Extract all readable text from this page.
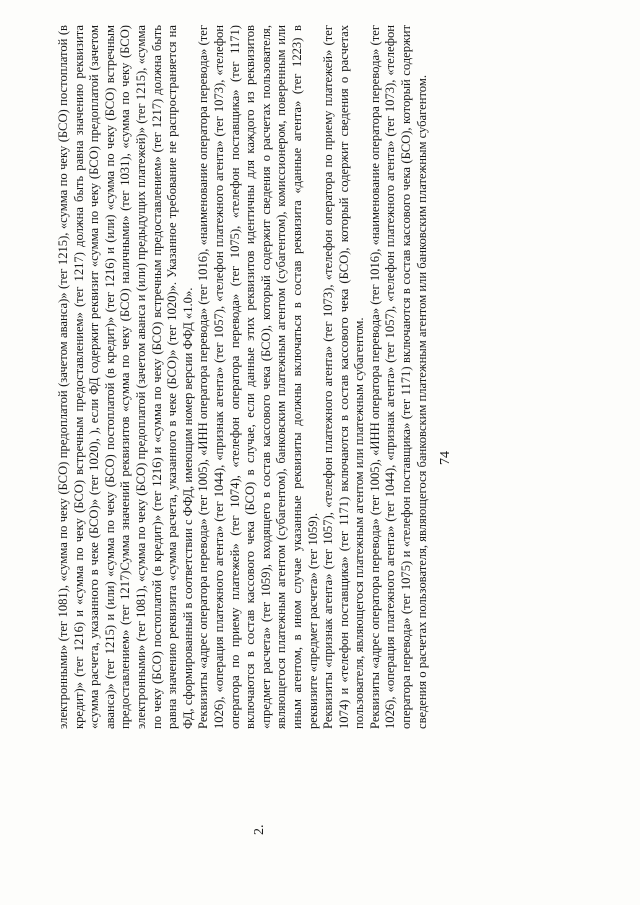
74
2.

электронными» (тег 1081), «сумма по чеку (БСО) предоплатой (зачетом аванса)» (тег 1215), «сумма по чеку (БСО) постоплатой (в кредит)» (тег 1216) и «сумма по чеку (БСО) встречным предоставлением» (тег 1217) должна быть равна значению реквизита «сумма расчета, указанного в чеке (БСО)» (тег 1020), ), если ФД содержит реквизит «сумма по чеку (БСО) предоплатой (зачетом аванса)» (тег 1215) и (или) «сумма по чеку (БСО) постоплатой (в кредит)» (тег 1216) и (или) «сумма по чеку (БСО) встречным предоставлением» (тег 1217)Сумма значений реквизитов «сумма по чеку (БСО) наличными» (тег 1031), «сумма по чеку (БСО) электронными» (тег 1081), «сумма по чеку (БСО) предоплатой (зачетом аванса и (или) предыдущих платежей)» (тег 1215), «сумма по чеку (БСО) постоплатой (в кредит)» (тег 1216) и «сумма по чеку (БСО) встречным предоставлением» (тег 1217) должна быть равна значению реквизита «сумма расчета, указанного в чеке (БСО)» (тег 1020)». Указанное требование не распространяется на ФД, сформированный в соответствии с ФФД, имеющим номер версии ФФД «1.0». Реквизиты «адрес оператора перевода» (тег 1005), «ИНН оператора перевода» (тег 1016), «наименование оператора перевода» (тег 1026), «операция платежного агента» (тег 1044), «признак агента» (тег 1057), «телефон платежного агента» (тег 1073), «телефон оператора по приему платежей» (тег 1074), «телефон оператора перевода» (тег 1075), «телефон поставщика» (тег 1171) включаются в состав кассового чека (БСО) в случае, если данные этих реквизитов идентичны для каждого из реквизитов «предмет расчета» (тег 1059), входящего в состав кассового чека (БСО), который содержит сведения о расчетах пользователя, являющегося платежным агентом (субагентом), банковским платежным агентом (субагентом), комиссионером, поверенным или иным агентом, в ином случае указанные реквизиты должны включаться в состав реквизита «данные агента» (тег 1223) в реквизите «предмет расчета» (тег 1059). Реквизиты «признак агента» (тег 1057), «телефон платежного агента» (тег 1073), «телефон оператора по приему платежей» (тег 1074) и «телефон поставщика» (тег 1171) включаются в состав кассового чека (БСО), который содержит сведения о расчетах пользователя, являющегося платежным агентом или платежным субагентом. Реквизиты «адрес оператора перевода» (тег 1005), «ИНН оператора перевода» (тег 1016), «наименование оператора перевода» (тег 1026), «операция платежного агента» (тег 1044), «признак агента» (тег 1057), «телефон платежного агента» (тег 1073), «телефон оператора перевода» (тег 1075) и «телефон поставщика» (тег 1171) включаются в состав кассового чека (БСО), который содержит сведения о расчетах пользователя, являющегося банковским платежным агентом или банковским платежным субагентом.
